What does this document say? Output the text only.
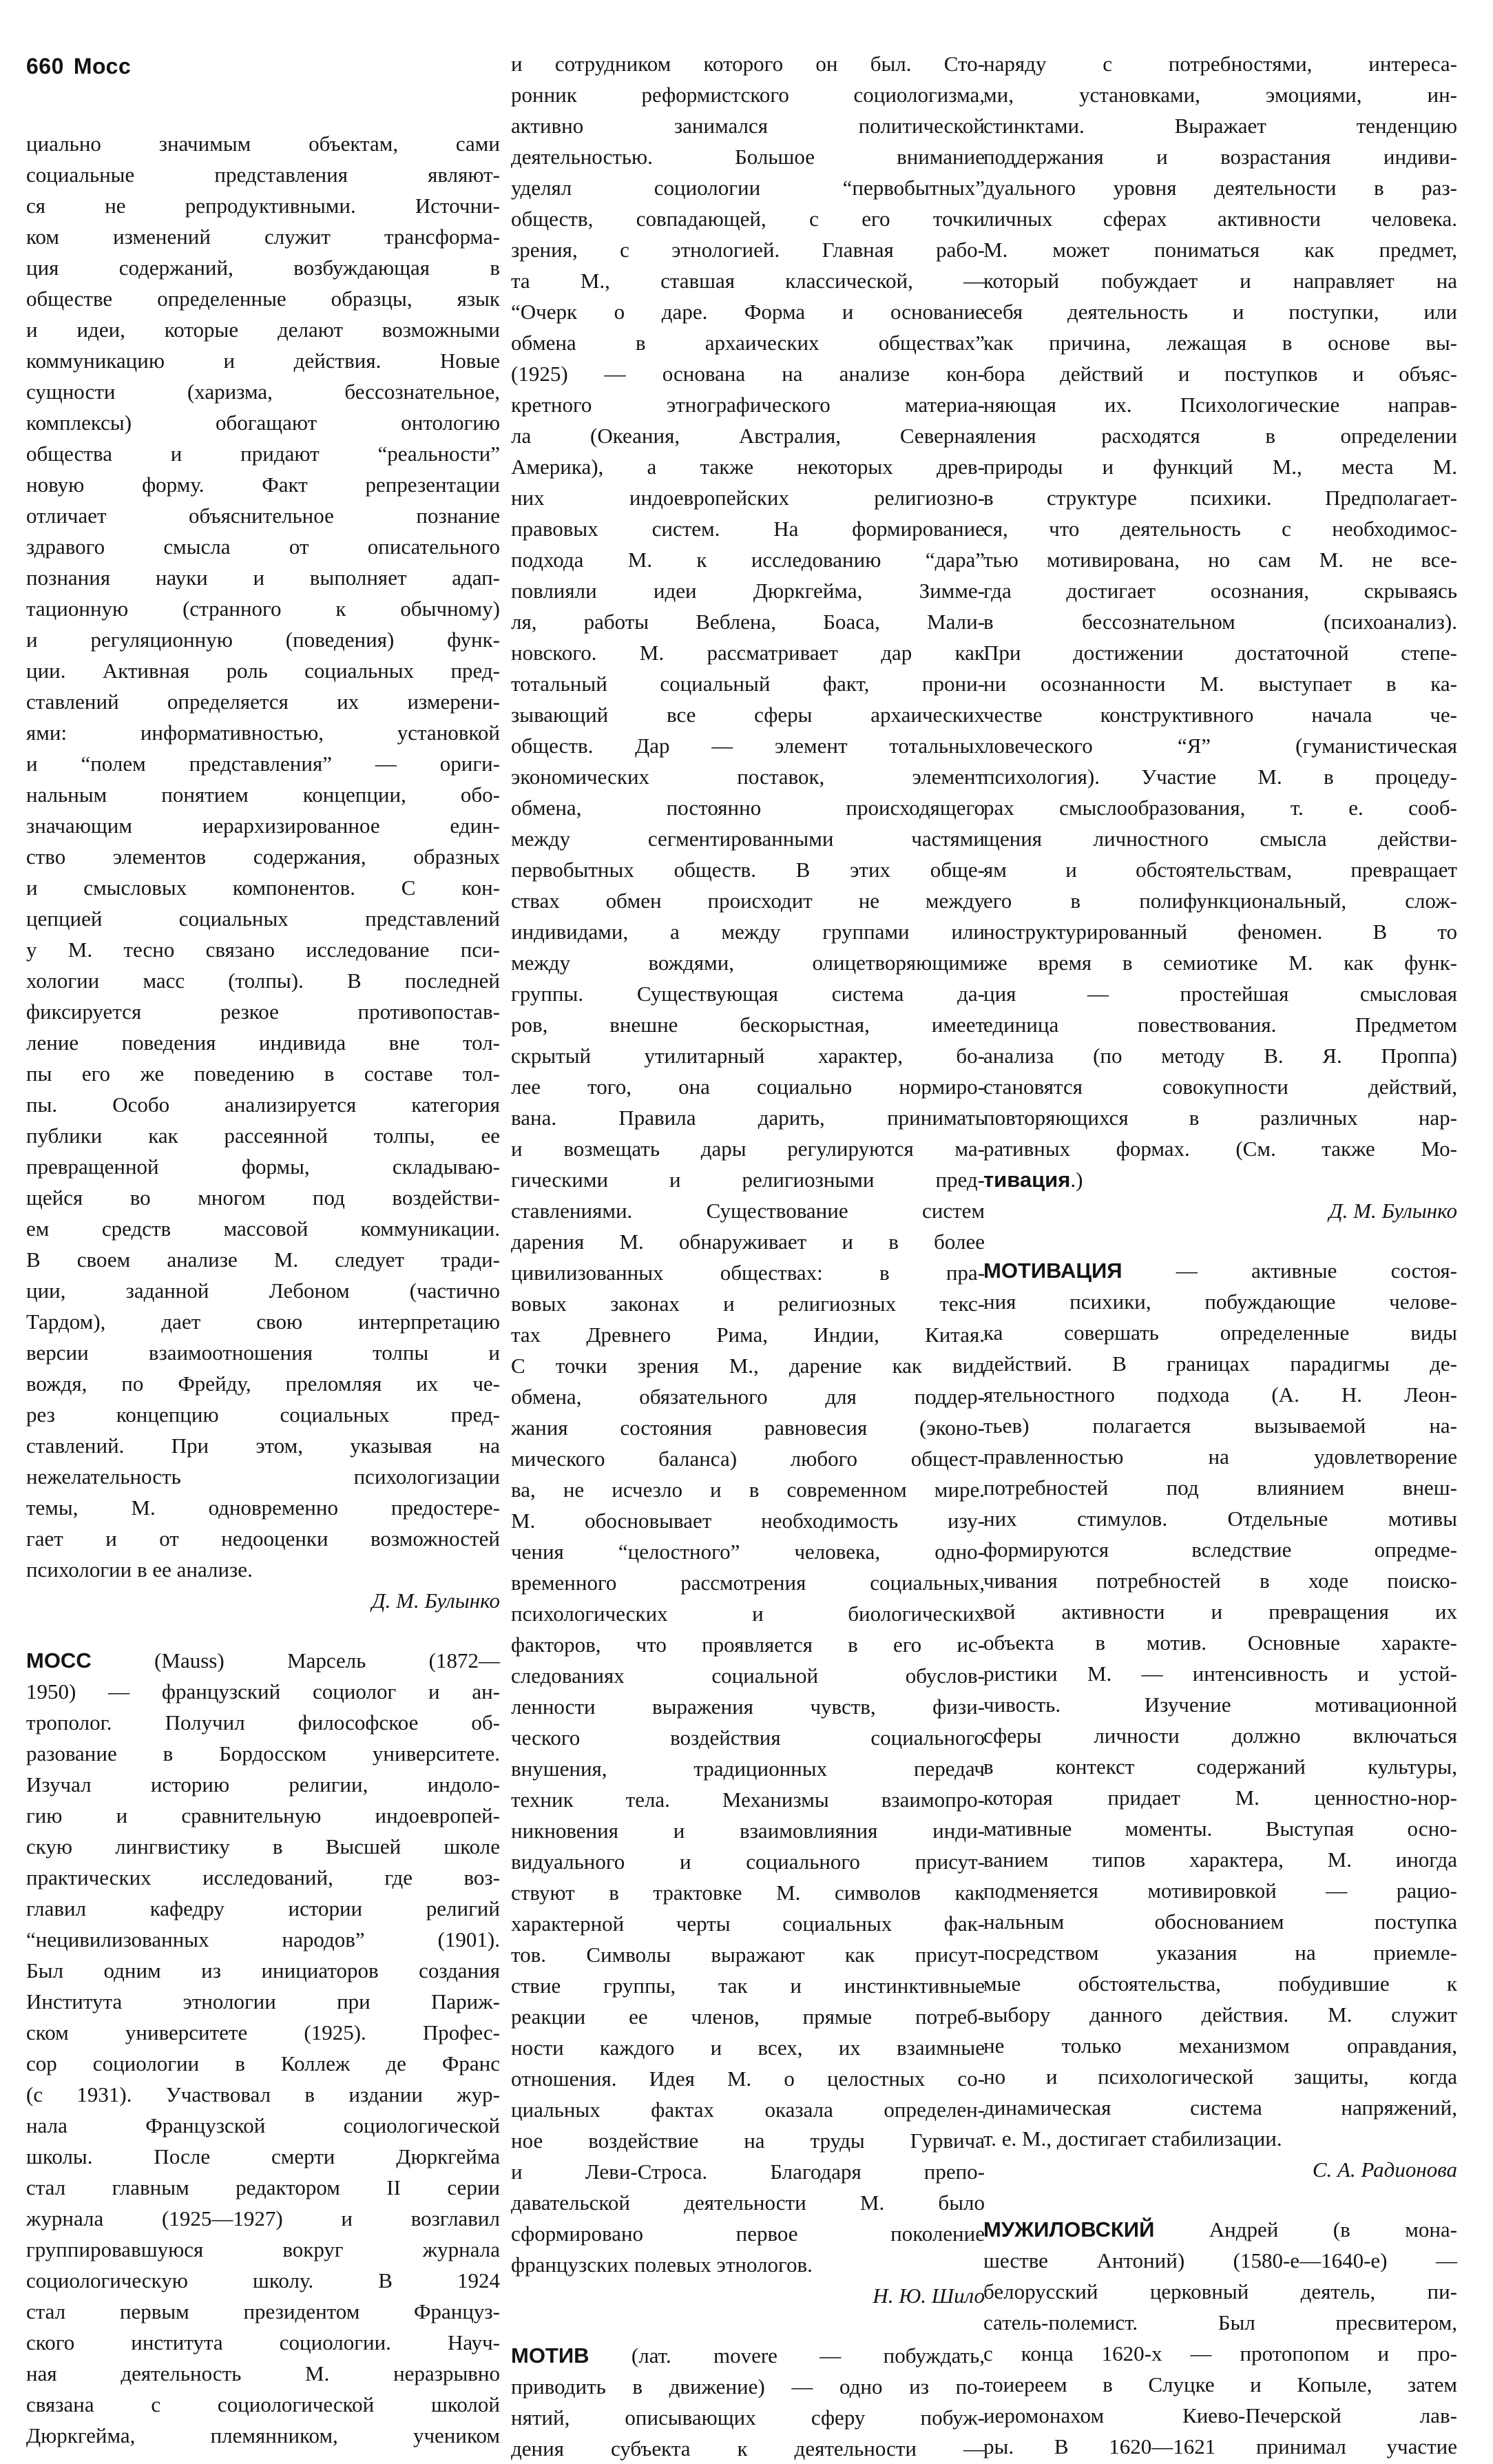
660 Мосс
циально значимым объектам, сами
социальные представления являют-
ся не репродуктивными. Источни-
ком изменений служит трансформа-
ция содержаний, возбуждающая в
обществе определенные образцы, язык
и идеи, которые делают возможными
коммуникацию и действия. Новые
сущности (харизма, бессознательное,
комплексы) обогащают онтологию
общества и придают “реальности”
новую форму. Факт репрезентации
отличает объяснительное познание
здравого смысла от описательного
познания науки и выполняет адап-
тационную (странного к обычному)
и регуляционную (поведения) функ-
ции. Активная роль социальных пред-
ставлений определяется их измерени-
ями: информативностью, установкой
и “полем представления” — ориги-
нальным понятием концепции, обо-
значающим иерархизированное един-
ство элементов содержания, образных
и смысловых компонентов. С кон-
цепцией социальных представлений
у М. тесно связано исследование пси-
хологии масс (толпы). В последней
фиксируется резкое противопостав-
ление поведения индивида вне тол-
пы его же поведению в составе тол-
пы. Особо анализируется категория
публики как рассеянной толпы, ее
превращенной формы, складываю-
щейся во многом под воздействи-
ем средств массовой коммуникации.
В своем анализе М. следует тради-
ции, заданной Лебоном (частично
Тардом), дает свою интерпретацию
версии взаимоотношения толпы и
вождя, по Фрейду, преломляя их че-
рез концепцию социальных пред-
ставлений. При этом, указывая на
нежелательность психологизации
темы, М. одновременно предостере-
гает и от недооценки возможностей
психологии в ее анализе.
Д. М. Булынко
МОСС (Mauss) Марсель (1872—
1950) — французский социолог и ан-
трополог. Получил философское об-
разование в Бордосском университете.
Изучал историю религии, индоло-
гию и сравнительную индоевропей-
скую лингвистику в Высшей школе
практических исследований, где воз-
главил кафедру истории религий
“нецивилизованных народов” (1901).
Был одним из инициаторов создания
Института этнологии при Париж-
ском университете (1925). Профес-
сор социологии в Коллеж де Франс
(с 1931). Участвовал в издании жур-
нала Французской социологической
школы. После смерти Дюркгейма
стал главным редактором II серии
журнала (1925—1927) и возглавил
группировавшуюся вокруг журнала
социологическую школу. В 1924
стал первым президентом Француз-
ского института социологии. Науч-
ная деятельность М. неразрывно
связана с социологической школой
Дюркгейма, племянником, учеником
и сотрудником которого он был. Сто-
ронник реформистского социологизма,
активно занимался политической
деятельностью. Большое внимание
уделял социологии “первобытных”
обществ, совпадающей, с его точки
зрения, с этнологией. Главная рабо-
та М., ставшая классической, —
“Очерк о даре. Форма и основание
обмена в архаических обществах”
(1925) — основана на анализе кон-
кретного этнографического материа-
ла (Океания, Австралия, Северная
Америка), а также некоторых древ-
них индоевропейских религиозно-
правовых систем. На формирование
подхода М. к исследованию “дара”
повлияли идеи Дюркгейма, Зимме-
ля, работы Веблена, Боаса, Мали-
новского. М. рассматривает дар как
тотальный социальный факт, прони-
зывающий все сферы архаических
обществ. Дар — элемент тотальных
экономических поставок, элемент
обмена, постоянно происходящего
между сегментированными частями
первобытных обществ. В этих обще-
ствах обмен происходит не между
индивидами, а между группами или
между вождями, олицетворяющими
группы. Существующая система да-
ров, внешне бескорыстная, имеет
скрытый утилитарный характер, бо-
лее того, она социально нормиро-
вана. Правила дарить, принимать
и возмещать дары регулируются ма-
гическими и религиозными пред-
ставлениями. Существование систем
дарения М. обнаруживает и в более
цивилизованных обществах: в пра-
вовых законах и религиозных текс-
тах Древнего Рима, Индии, Китая.
С точки зрения М., дарение как вид
обмена, обязательного для поддер-
жания состояния равновесия (эконо-
мического баланса) любого общест-
ва, не исчезло и в современном мире.
М. обосновывает необходимость изу-
чения “целостного” человека, одно-
временного рассмотрения социальных,
психологических и биологических
факторов, что проявляется в его ис-
следованиях социальной обуслов-
ленности выражения чувств, физи-
ческого воздействия социального
внушения, традиционных передач
техник тела. Механизмы взаимопро-
никновения и взаимовлияния инди-
видуального и социального присут-
ствуют в трактовке М. символов как
характерной черты социальных фак-
тов. Символы выражают как присут-
ствие группы, так и инстинктивные
реакции ее членов, прямые потреб-
ности каждого и всех, их взаимные
отношения. Идея М. о целостных со-
циальных фактах оказала определен-
ное воздействие на труды Гурвича
и Леви-Строса. Благодаря препо-
давательской деятельности М. было
сформировано первое поколение
французских полевых этнологов.
Н. Ю. Шило
МОТИВ (лат. movere — побуждать,
приводить в движение) — одно из по-
нятий, описывающих сферу побуж-
дения субъекта к деятельности —
наряду с потребностями, интереса-
ми, установками, эмоциями, ин-
стинктами. Выражает тенденцию
поддержания и возрастания индиви-
дуального уровня деятельности в раз-
личных сферах активности человека.
М. может пониматься как предмет,
который побуждает и направляет на
себя деятельность и поступки, или
как причина, лежащая в основе вы-
бора действий и поступков и объяс-
няющая их. Психологические направ-
ления расходятся в определении
природы и функций М., места М.
в структуре психики. Предполагает-
ся, что деятельность с необходимос-
тью мотивирована, но сам М. не все-
гда достигает осознания, скрываясь
в бессознательном (психоанализ).
При достижении достаточной степе-
ни осознанности М. выступает в ка-
честве конструктивного начала че-
ловеческого “Я” (гуманистическая
психология). Участие М. в процеду-
рах смыслообразования, т. е. сооб-
щения личностного смысла действи-
ям и обстоятельствам, превращает
его в полифункциональный, слож-
ноструктурированный феномен. В то
же время в семиотике М. как функ-
ция — простейшая смысловая
единица повествования. Предметом
анализа (по методу В. Я. Проппа)
становятся совокупности действий,
повторяющихся в различных нар-
ративных формах. (См. также Мо-
тивация.)
Д. М. Булынко
МОТИВАЦИЯ — активные состоя-
ния психики, побуждающие челове-
ка совершать определенные виды
действий. В границах парадигмы де-
ятельностного подхода (А. Н. Леон-
тьев) полагается вызываемой на-
правленностью на удовлетворение
потребностей под влиянием внеш-
них стимулов. Отдельные мотивы
формируются вследствие опредме-
чивания потребностей в ходе поиско-
вой активности и превращения их
объекта в мотив. Основные характе-
ристики М. — интенсивность и устой-
чивость. Изучение мотивационной
сферы личности должно включаться
в контекст содержаний культуры,
которая придает М. ценностно-нор-
мативные моменты. Выступая осно-
ванием типов характера, М. иногда
подменяется мотивировкой — рацио-
нальным обоснованием поступка
посредством указания на приемле-
мые обстоятельства, побудившие к
выбору данного действия. М. служит
не только механизмом оправдания,
но и психологической защиты, когда
динамическая система напряжений,
т. е. М., достигает стабилизации.
С. А. Радионова
МУЖИЛОВСКИЙ Андрей (в мона-
шестве Антоний) (1580-е—1640-е) —
белорусский церковный деятель, пи-
сатель-полемист. Был пресвитером,
с конца 1620-х — протопопом и про-
тоиереем в Слуцке и Копыле, затем
иеромонахом Киево-Печерской лав-
ры. В 1620—1621 принимал участие
